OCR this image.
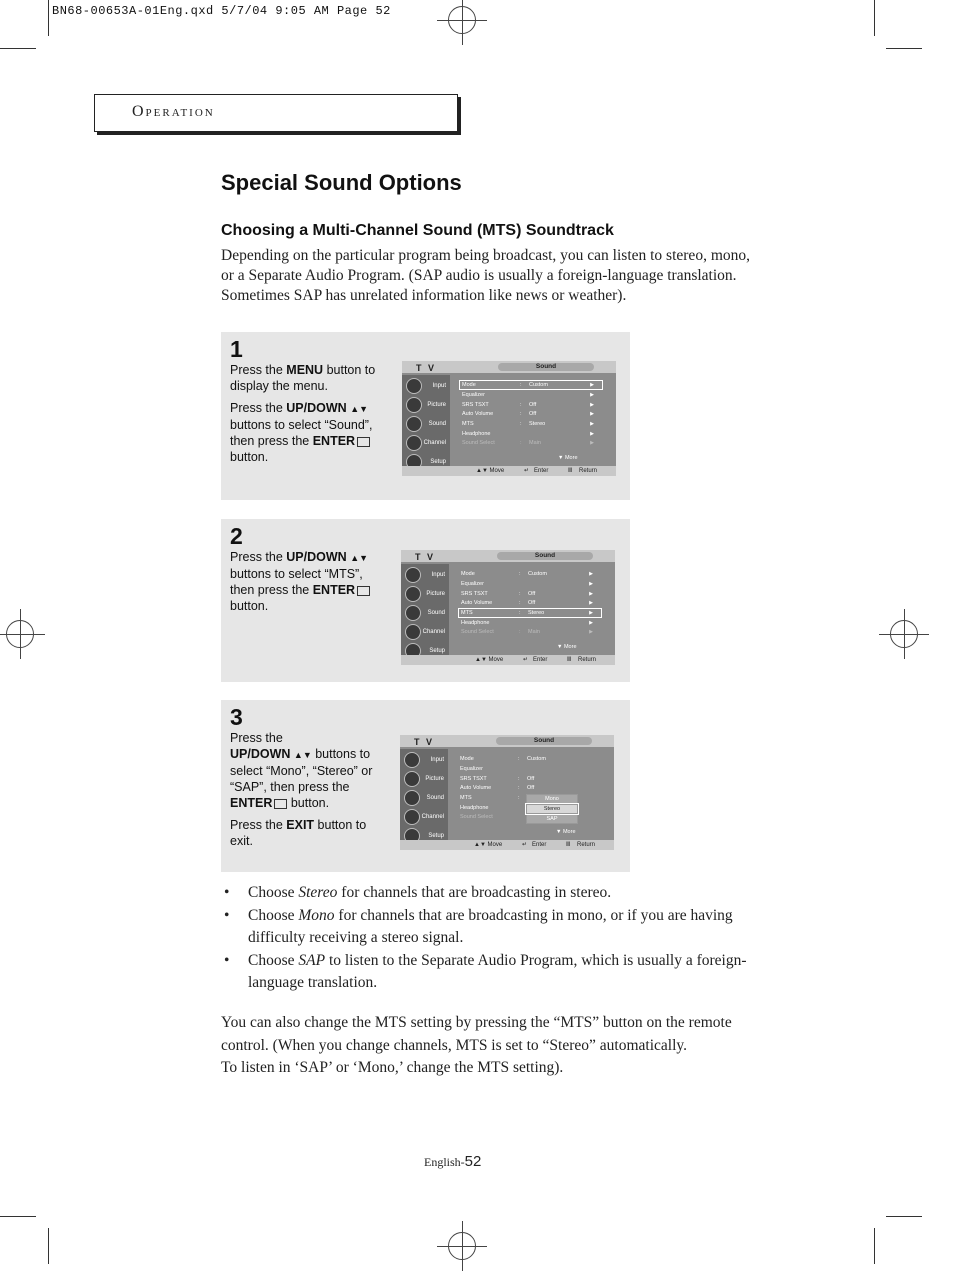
BN68-00653A-01Eng.qxd 5/7/04 9:05 AM Page 52
Operation
Special Sound Options
Choosing a Multi-Channel Sound (MTS) Soundtrack
Depending on the particular program being broadcast, you can listen to stereo, mono, or a Separate Audio Program. (SAP audio is usually a foreign-language translation. Sometimes SAP has unrelated information like news or weather).
1

Press the MENU button to display the menu.

Press the UP/DOWN ▲▼
buttons to select “Sound”, then press the ENTER button.

T V	Sound
Input
Picture
Sound
Channel
Setup
Mode	: Custom	▶
Equalizer	▶
SRS TSXT	: Off	▶
Auto Volume	: Off	▶
MTS	: Stereo	▶
Headphone	▶
Sound Select	: Main	▶
▼ More
▲▼ Move	↵ Enter	Ⅲ Return
2

Press the UP/DOWN ▲▼
buttons to select “MTS”, then press the ENTER button.

T V	Sound
Input
Picture
Sound
Channel
Setup
Mode	: Custom	▶
Equalizer	▶
SRS TSXT	: Off	▶
Auto Volume	: Off	▶
MTS	: Stereo	▶
Headphone	▶
Sound Select	: Main	▶
▼ More
▲▼ Move	↵ Enter	Ⅲ Return
3

Press the
UP/DOWN ▲▼ buttons to select “Mono”, “Stereo” or “SAP”, then press the ENTER button.

Press the EXIT button to exit.

T V	Sound
Input
Picture
Sound
Channel
Setup
Mode	: Custom
Equalizer
SRS TSXT	: Off
Auto Volume	: Off
MTS	:
Headphone
Sound Select
Mono
Stereo
SAP
▼ More
▲▼ Move	↵ Enter	Ⅲ Return
• Choose Stereo for channels that are broadcasting in stereo.
• Choose Mono for channels that are broadcasting in mono, or if you are having difficulty receiving a stereo signal.
• Choose SAP to listen to the Separate Audio Program, which is usually a foreign-language translation.

You can also change the MTS setting by pressing the “MTS” button on the remote control. (When you change channels, MTS is set to “Stereo” automatically.

To listen in ‘SAP’ or ‘Mono,’ change the MTS setting).

English-52
